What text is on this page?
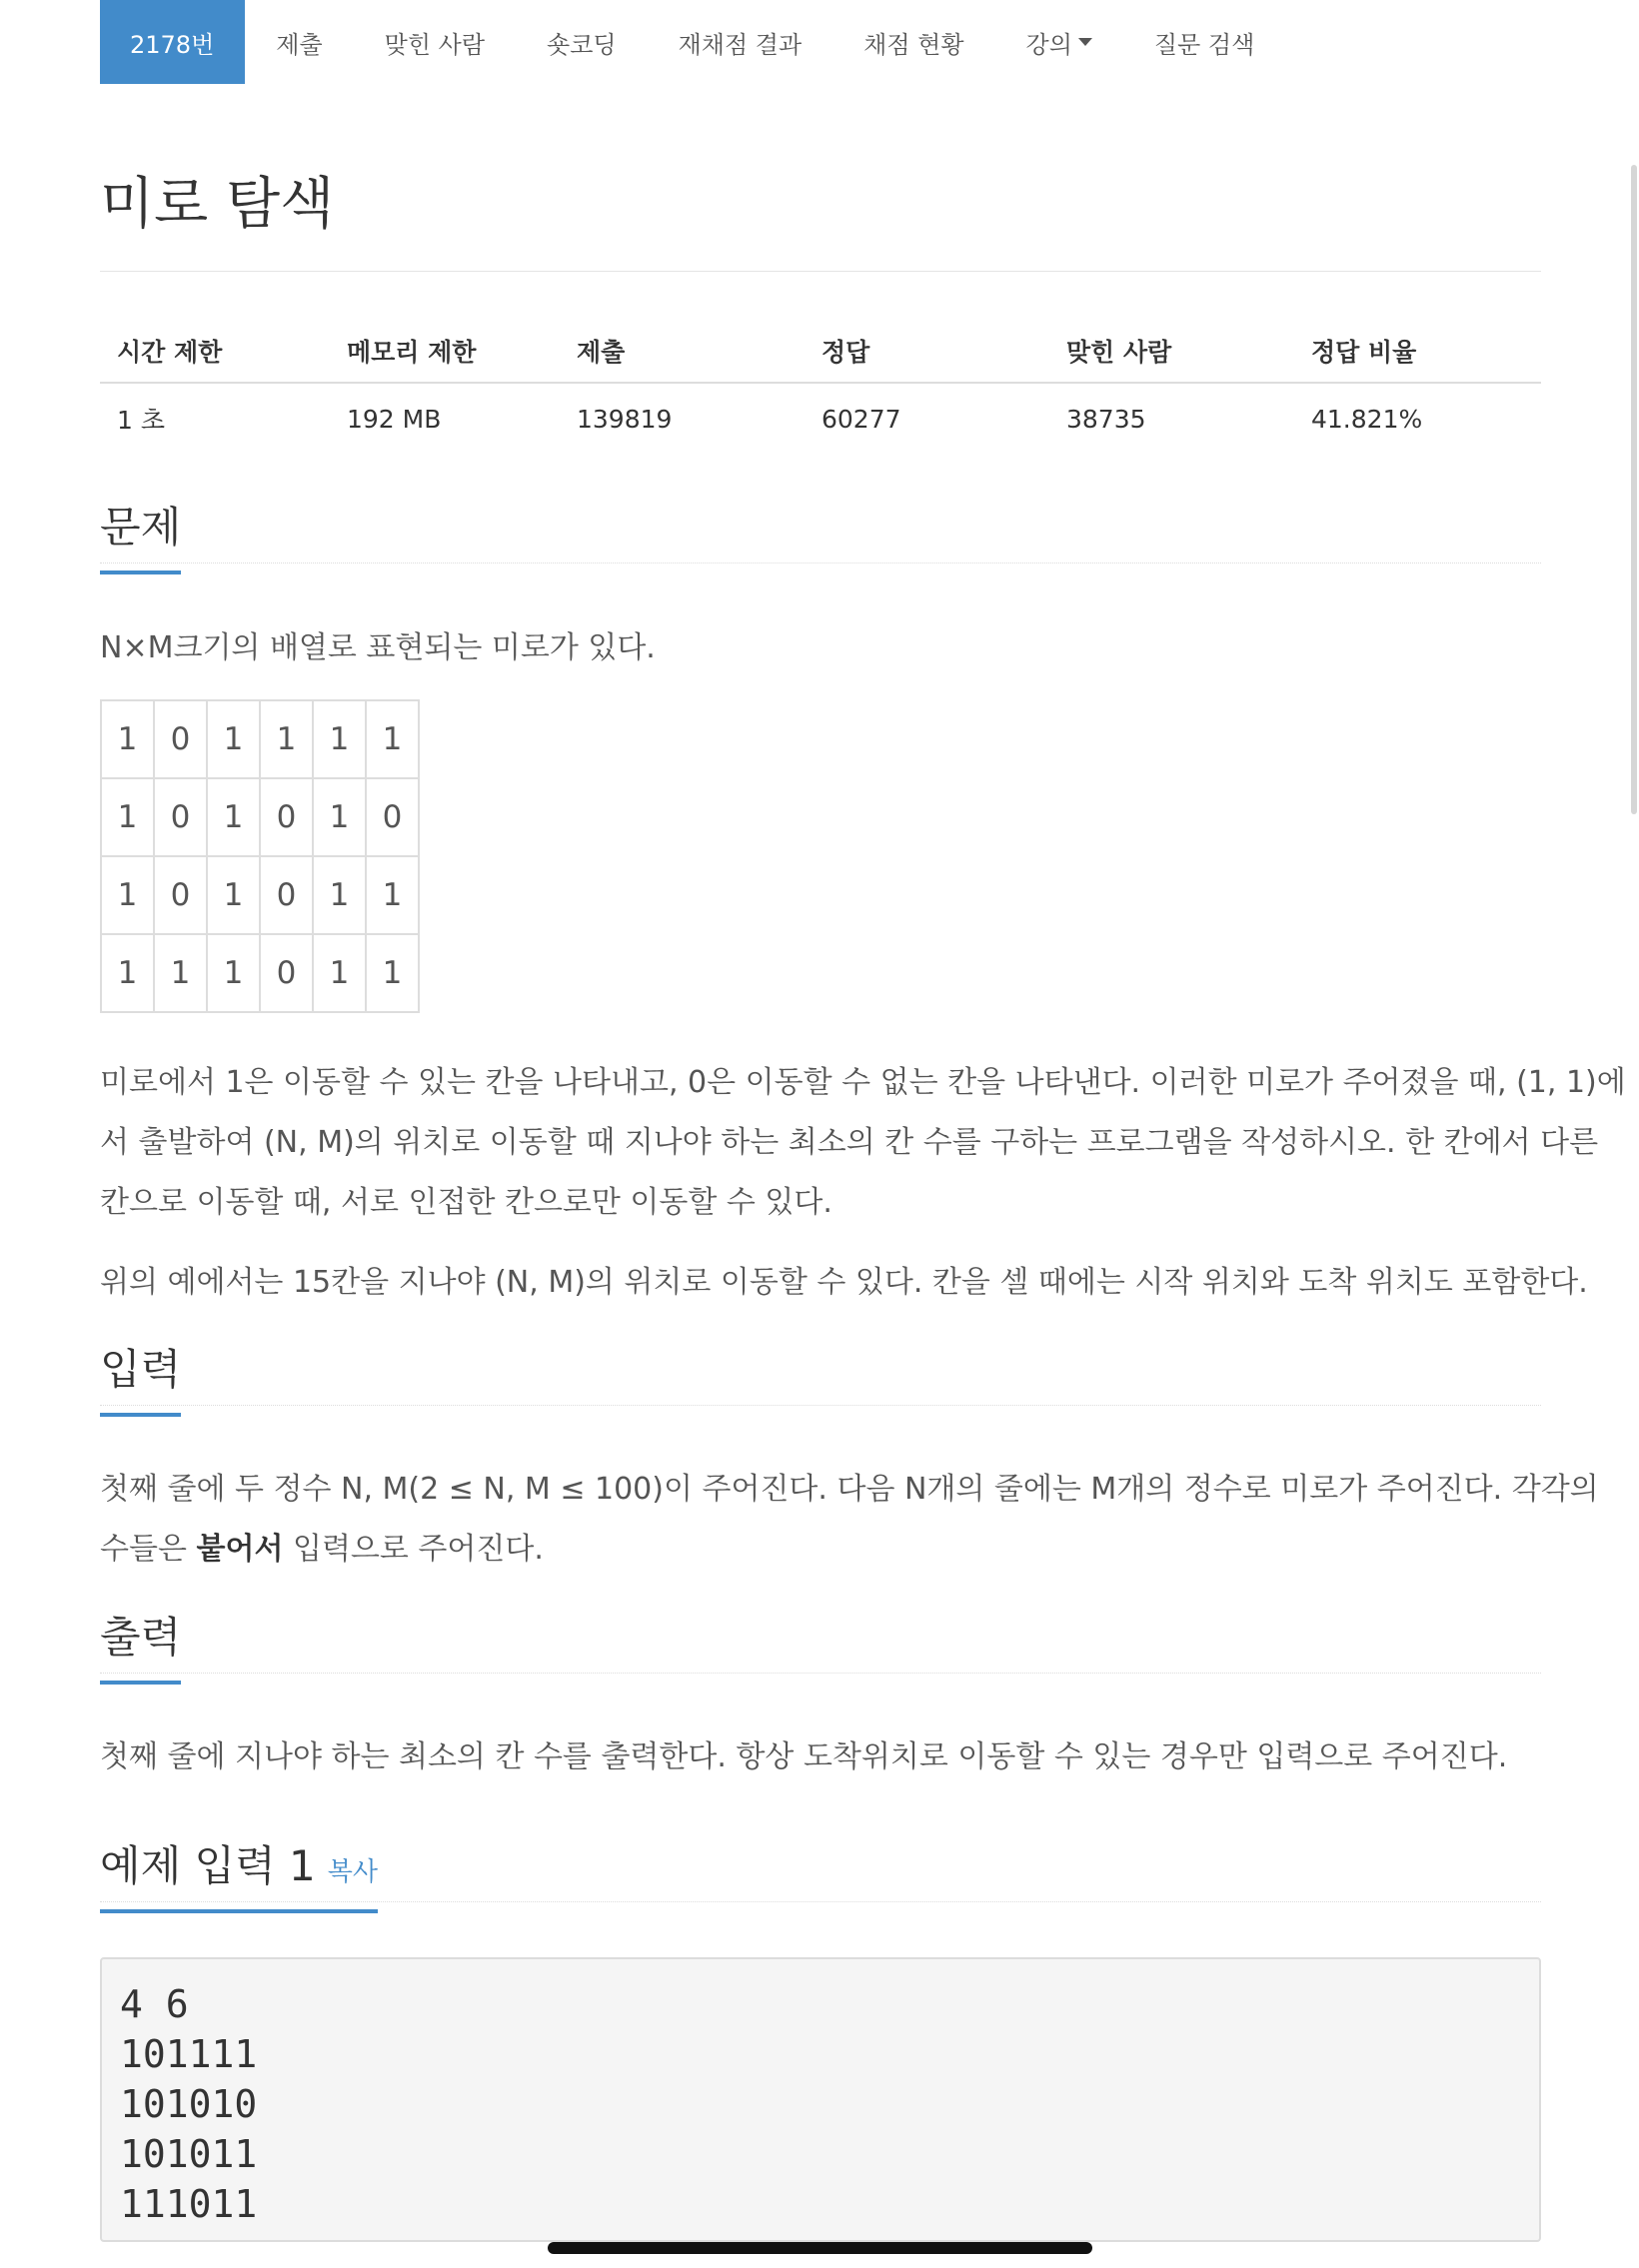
2178번	제출	맞힌 사람	숏코딩	재채점 결과	채점 현황	강의	질문 검색
미로 탐색
시간 제한	메모리 제한	제출	정답	맞힌 사람	정답 비율
1 초	192 MB	139819	60277	38735	41.821%
문제

N×M크기의 배열로 표현되는 미로가 있다.

1	0	1	1	1	1
1	0	1	0	1	0
1	0	1	0	1	1
1	1	1	0	1	1
미로에서 1은 이동할 수 있는 칸을 나타내고, 0은 이동할 수 없는 칸을 나타낸다. 이러한 미로가 주어졌을 때, (1, 1)에
서 출발하여 (N, M)의 위치로 이동할 때 지나야 하는 최소의 칸 수를 구하는 프로그램을 작성하시오. 한 칸에서 다른
칸으로 이동할 때, 서로 인접한 칸으로만 이동할 수 있다.

위의 예에서는 15칸을 지나야 (N, M)의 위치로 이동할 수 있다. 칸을 셀 때에는 시작 위치와 도착 위치도 포함한다.

입력
첫째 줄에 두 정수 N, M(2 ≤ N, M ≤ 100)이 주어진다. 다음 N개의 줄에는 M개의 정수로 미로가 주어진다. 각각의
수들은 붙어서 입력으로 주어진다.
출력

첫째 줄에 지나야 하는 최소의 칸 수를 출력한다. 항상 도착위치로 이동할 수 있는 경우만 입력으로 주어진다.

예제 입력 1 복사
4 6
101111
101010
101011
111011
